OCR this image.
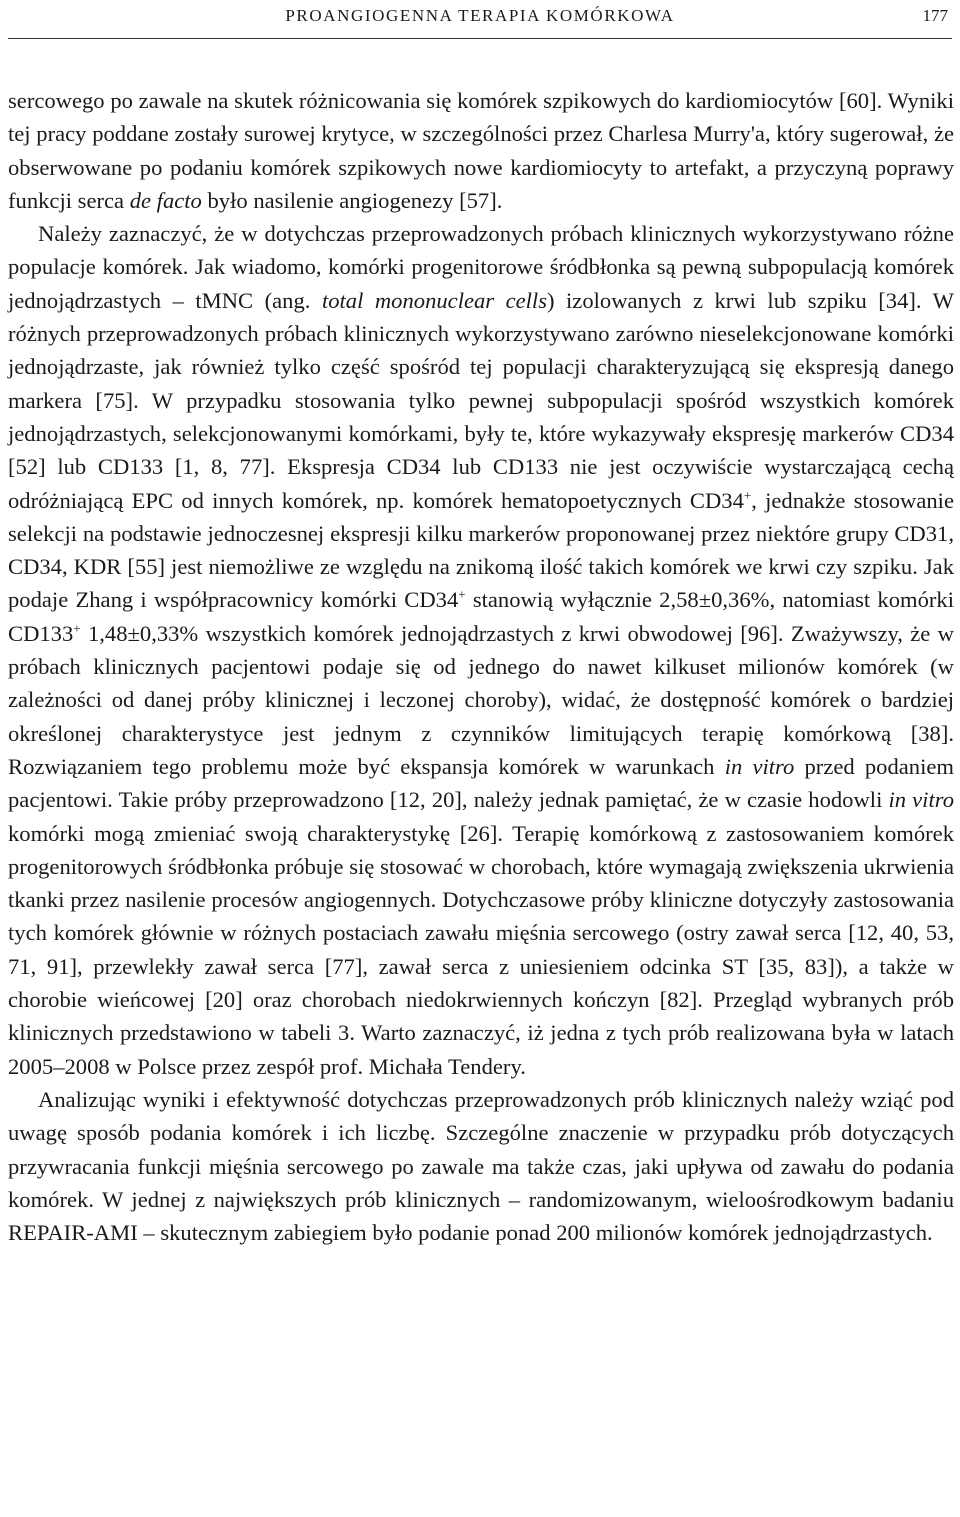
PROANGIOGENNA TERAPIA KOMÓRKOWA	177

sercowego po zawale na skutek różnicowania się komórek szpikowych do kardiomiocytów [60]. Wyniki tej pracy poddane zostały surowej krytyce, w szczególności przez Charlesa Murry'a, który sugerował, że obserwowane po podaniu komórek szpikowych nowe kardiomiocyty to artefakt, a przyczyną poprawy funkcji serca de facto było nasilenie angiogenezy [57].

Należy zaznaczyć, że w dotychczas przeprowadzonych próbach klinicznych wykorzystywano różne populacje komórek. Jak wiadomo, komórki progenitorowe śródbłonka są pewną subpopulacją komórek jednojądrzastych – tMNC (ang. total mononuclear cells) izolowanych z krwi lub szpiku [34]. W różnych przeprowadzonych próbach klinicznych wykorzystywano zarówno nieselekcjonowane komórki jednojądrzaste, jak również tylko część spośród tej populacji charakteryzującą się ekspresją danego markera [75]. W przypadku stosowania tylko pewnej subpopulacji spośród wszystkich komórek jednojądrzastych, selekcjonowanymi komórkami, były te, które wykazywały ekspresję markerów CD34 [52] lub CD133 [1, 8, 77]. Ekspresja CD34 lub CD133 nie jest oczywiście wystarczającą cechą odróżniającą EPC od innych komórek, np. komórek hematopoetycznych CD34+, jednakże stosowanie selekcji na podstawie jednoczesnej ekspresji kilku markerów proponowanej przez niektóre grupy CD31, CD34, KDR [55] jest niemożliwe ze względu na znikomą ilość takich komórek we krwi czy szpiku. Jak podaje Zhang i współpracownicy komórki CD34+ stanowią wyłącznie 2,58±0,36%, natomiast komórki CD133+ 1,48±0,33% wszystkich komórek jednojądrzastych z krwi obwodowej [96]. Zważywszy, że w próbach klinicznych pacjentowi podaje się od jednego do nawet kilkuset milionów komórek (w zależności od danej próby klinicznej i leczonej choroby), widać, że dostępność komórek o bardziej określonej charakterystyce jest jednym z czynników limitujących terapię komórkową [38]. Rozwiązaniem tego problemu może być ekspansja komórek w warunkach in vitro przed podaniem pacjentowi. Takie próby przeprowadzono [12, 20], należy jednak pamiętać, że w czasie hodowli in vitro komórki mogą zmieniać swoją charakterystykę [26]. Terapię komórkową z zastosowaniem komórek progenitorowych śródbłonka próbuje się stosować w chorobach, które wymagają zwiększenia ukrwienia tkanki przez nasilenie procesów angiogennych. Dotychczasowe próby kliniczne dotyczyły zastosowania tych komórek głównie w różnych postaciach zawału mięśnia sercowego (ostry zawał serca [12, 40, 53, 71, 91], przewlekły zawał serca [77], zawał serca z uniesieniem odcinka ST [35, 83]), a także w chorobie wieńcowej [20] oraz chorobach niedokrwiennych kończyn [82]. Przegląd wybranych prób klinicznych przedstawiono w tabeli 3. Warto zaznaczyć, iż jedna z tych prób realizowana była w latach 2005–2008 w Polsce przez zespół prof. Michała Tendery.

Analizując wyniki i efektywność dotychczas przeprowadzonych prób klinicznych należy wziąć pod uwagę sposób podania komórek i ich liczbę. Szczególne znaczenie w przypadku prób dotyczących przywracania funkcji mięśnia sercowego po zawale ma także czas, jaki upływa od zawału do podania komórek. W jednej z największych prób klinicznych – randomizowanym, wieloośrodkowym badaniu REPAIR-AMI – skutecznym zabiegiem było podanie ponad 200 milionów komórek jednojądrzastych.
